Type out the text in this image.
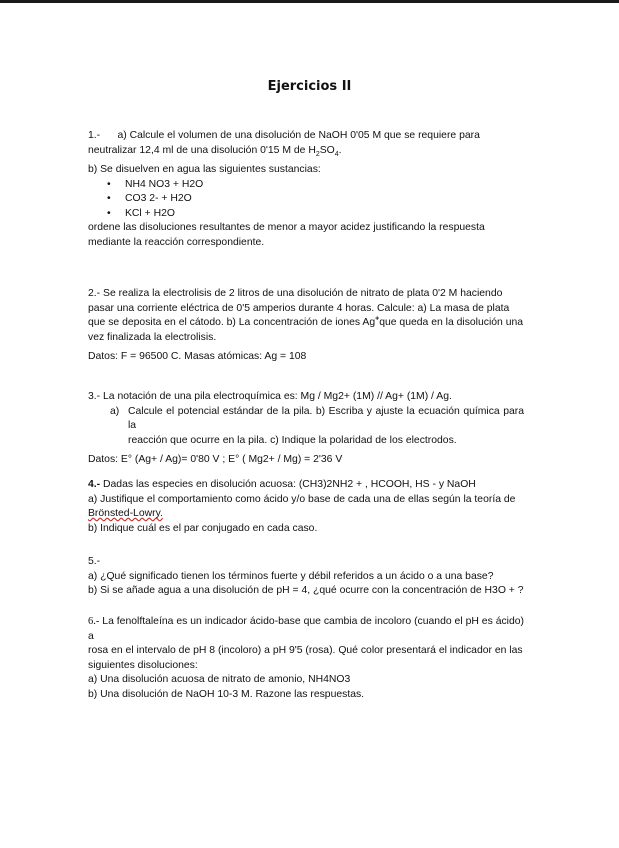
Ejercicios II

1.- a) Calcule el volumen de una disolución de NaOH 0'05 M que se requiere para

neutralizar 12,4 ml de una disolución 0'15 M de $H_2SO_4$.

b) Se disuelven en agua las siguientes sustancias:

•	NH4 NO3 + H2O

•	CO3 2- + H2O

•	KCl + H2O

ordene las disoluciones resultantes de menor a mayor acidez justificando la respuesta

mediante la reacción correspondiente.

2.- Se realiza la electrolisis de 2 litros de una disolución de nitrato de plata 0'2 M haciendo

pasar una corriente eléctrica de 0'5 amperios durante 4 horas. Calcule: a) La masa de plata

que se deposita en el cátodo. b) La concentración de iones Ag+que queda en la disolución una

vez finalizada la electrolisis.

Datos: F = 96500 C. Masas atómicas: Ag = 108

3.- La notación de una pila electroquímica es: Mg / Mg2+ (1M) // Ag+ (1M) / Ag.

a) Calcule el potencial estándar de la pila. b) Escriba y ajuste la ecuación química para la
reacción que ocurre en la pila. c) Indique la polaridad de los electrodos.

Datos: E° (Ag+ / Ag)= 0'80 V ; E° ( Mg2+ / Mg) = 2'36 V

4.- Dadas las especies en disolución acuosa: (CH3)2NH2 + , HCOOH, HS - y NaOH

a) Justifique el comportamiento como ácido y/o base de cada una de ellas según la teoría de

Brönsted-Lowry.

b) Indique cuál es el par conjugado en cada caso.

5.-

a) ¿Qué significado tienen los términos fuerte y débil referidos a un ácido o a una base?

b) Si se añade agua a una disolución de pH = 4, ¿qué ocurre con la concentración de H3O + ?

6.- La fenolftaleína es un indicador ácido-base que cambia de incoloro (cuando el pH es ácido) a

rosa en el intervalo de pH 8 (incoloro) a pH 9'5 (rosa). Qué color presentará el indicador en las

siguientes disoluciones:

a) Una disolución acuosa de nitrato de amonio, NH4NO3

b) Una disolución de NaOH 10-3 M. Razone las respuestas.
